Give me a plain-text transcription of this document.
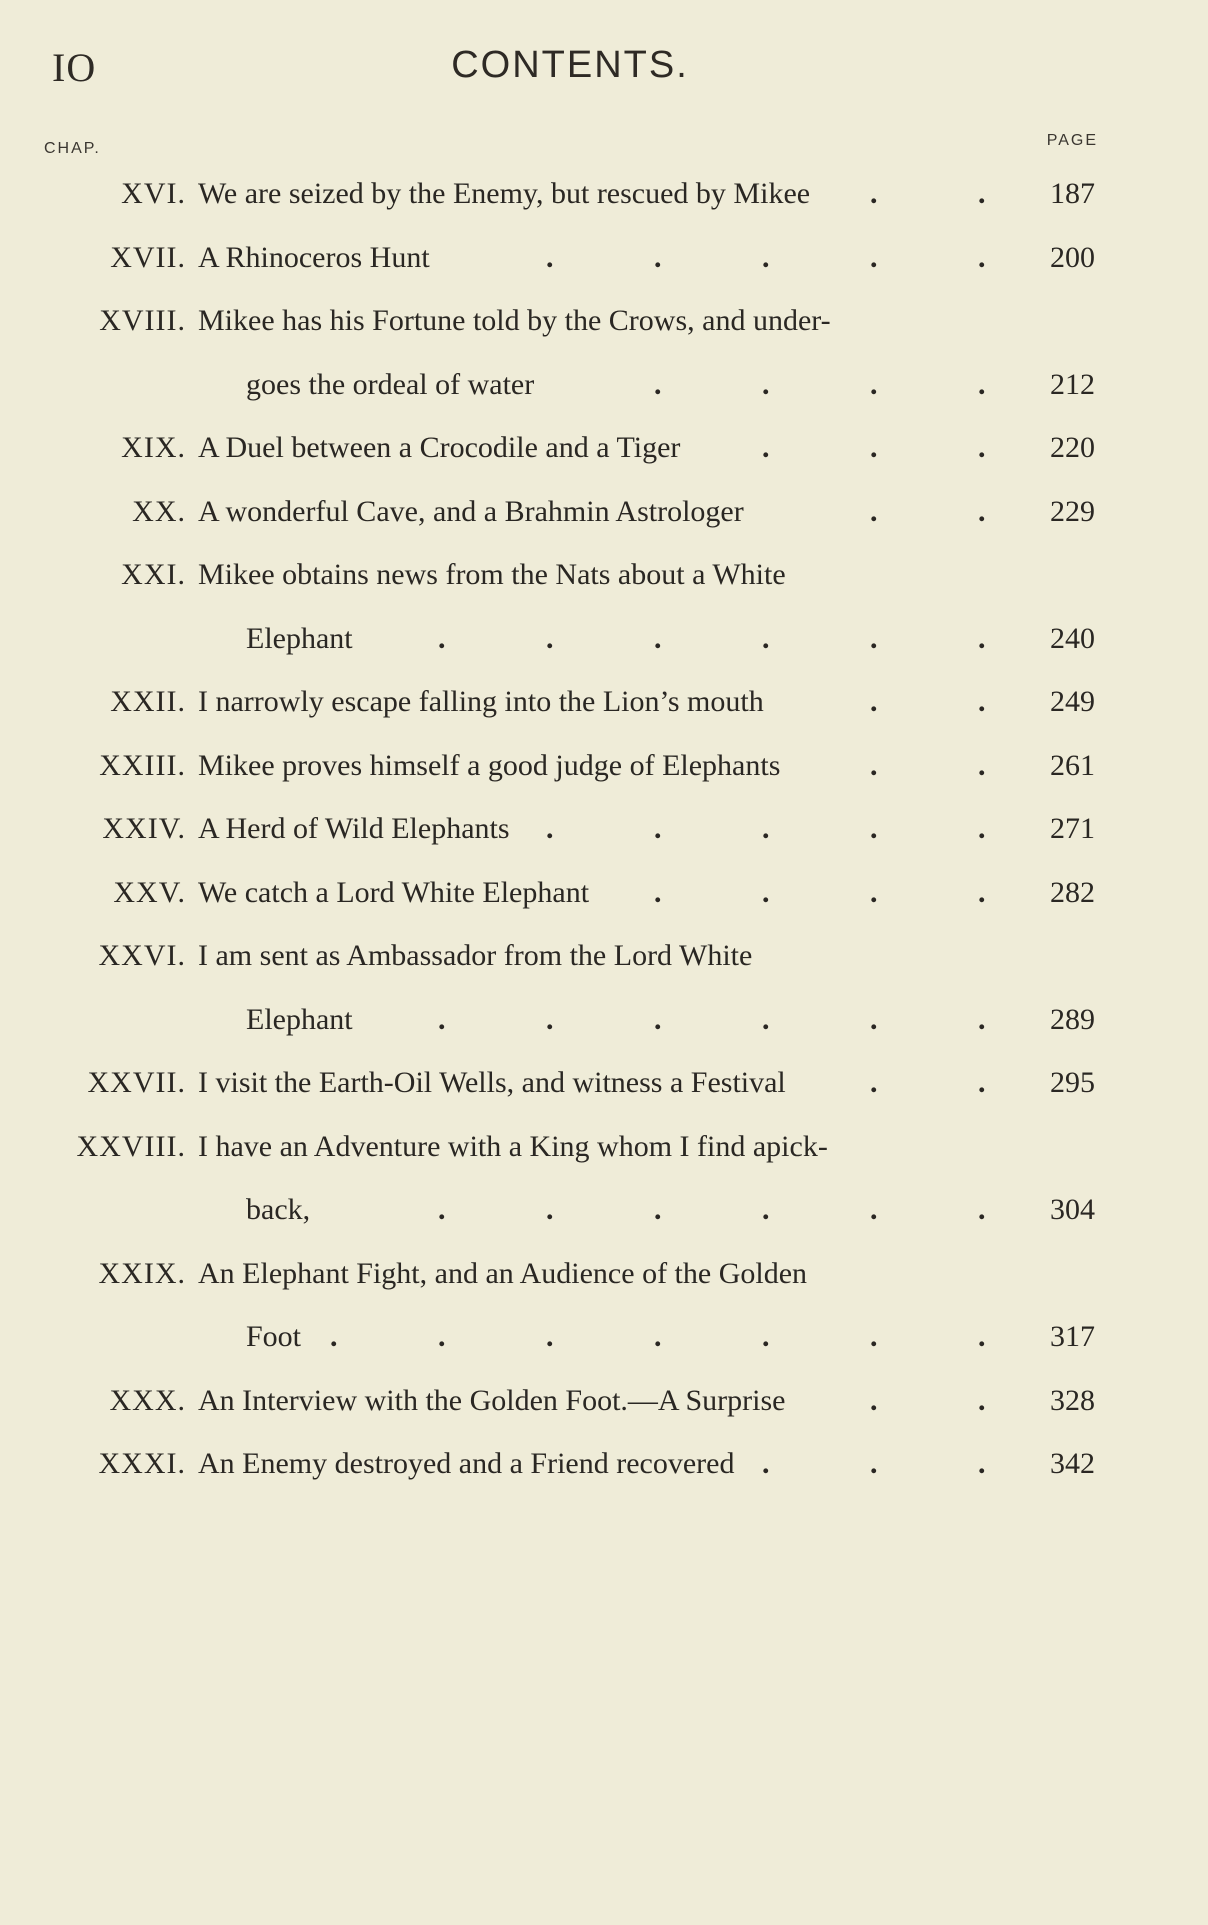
IO	CONTENTS.
CHAP.	PAGE
XVI. We are seized by the Enemy, but rescued by Mikee .	. 187
XVII. A Rhinoceros Hunt	.	.	.	.	. 200
XVIII. Mikee has his Fortune told by the Crows, and under-
goes the ordeal of water	.	.	.	. 212
XIX. A Duel between a Crocodile and a Tiger	.	.	. 220
XX. A wonderful Cave, and a Brahmin Astrologer	.	. 229
XXI. Mikee obtains news from the Nats about a White
Elephant	.	.	.	.	.	. 240
XXII. I narrowly escape falling into the Lion’s mouth	.	. 249
XXIII. Mikee proves himself a good judge of Elephants	.	. 261
XXIV. A Herd of Wild Elephants .	.	.	.	. 271
XXV. We catch a Lord White Elephant .	.	.	. 282
XXVI. I am sent as Ambassador from the Lord White
Elephant	.	.	.	.	.	. 289
XXVII. I visit the Earth-Oil Wells, and witness a Festival	.	. 295
XXVIII. I have an Adventure with a King whom I find apick-
back,	.	.	.	.	.	. 304
XXIX. An Elephant Fight, and an Audience of the Golden
Foot .	.	.	.	.	.	. 317
XXX. An Interview with the Golden Foot.—A Surprise	.	. 328
XXXI. An Enemy destroyed and a Friend recovered .	.	. 342
